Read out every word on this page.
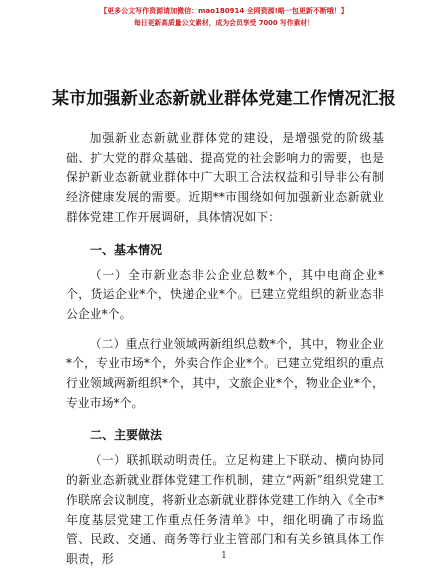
【更多公文写作资源请加微信：mao180914 全网资源!略一包更新不断哦！】
每日更新高质量公文素材，成为会员享受 7000 写作素材！
某市加强新业态新就业群体党建工作情况汇报

加强新业态新就业群体党的建设，是增强党的阶级基础、扩大党的群众基础、提高党的社会影响力的需要，也是保护新业态新就业群体中广大职工合法权益和引导非公有制经济健康发展的需要。近期**市围绕如何加强新业态新就业群体党建工作开展调研，具体情况如下：

一、基本情况

（一）全市新业态非公企业总数*个，其中电商企业*个，货运企业*个，快递企业*个。已建立党组织的新业态非公企业*个。

（二）重点行业领域两新组织总数*个，其中，物业企业*个，专业市场*个，外卖合作企业*个。已建立党组织的重点行业领域两新组织*个，其中，文旅企业*个，物业企业*个，专业市场*个。

二、主要做法

（一）联抓联动明责任。立足构建上下联动、横向协同的新业态新就业群体党建工作机制，建立“两新”组织党建工作联席会议制度，将新业态新就业群体党建工作纳入《全市*年度基层党建工作重点任务清单》中，细化明确了市场监管、民政、交通、商务等行业主管部门和有关乡镇具体工作职责，形	1
